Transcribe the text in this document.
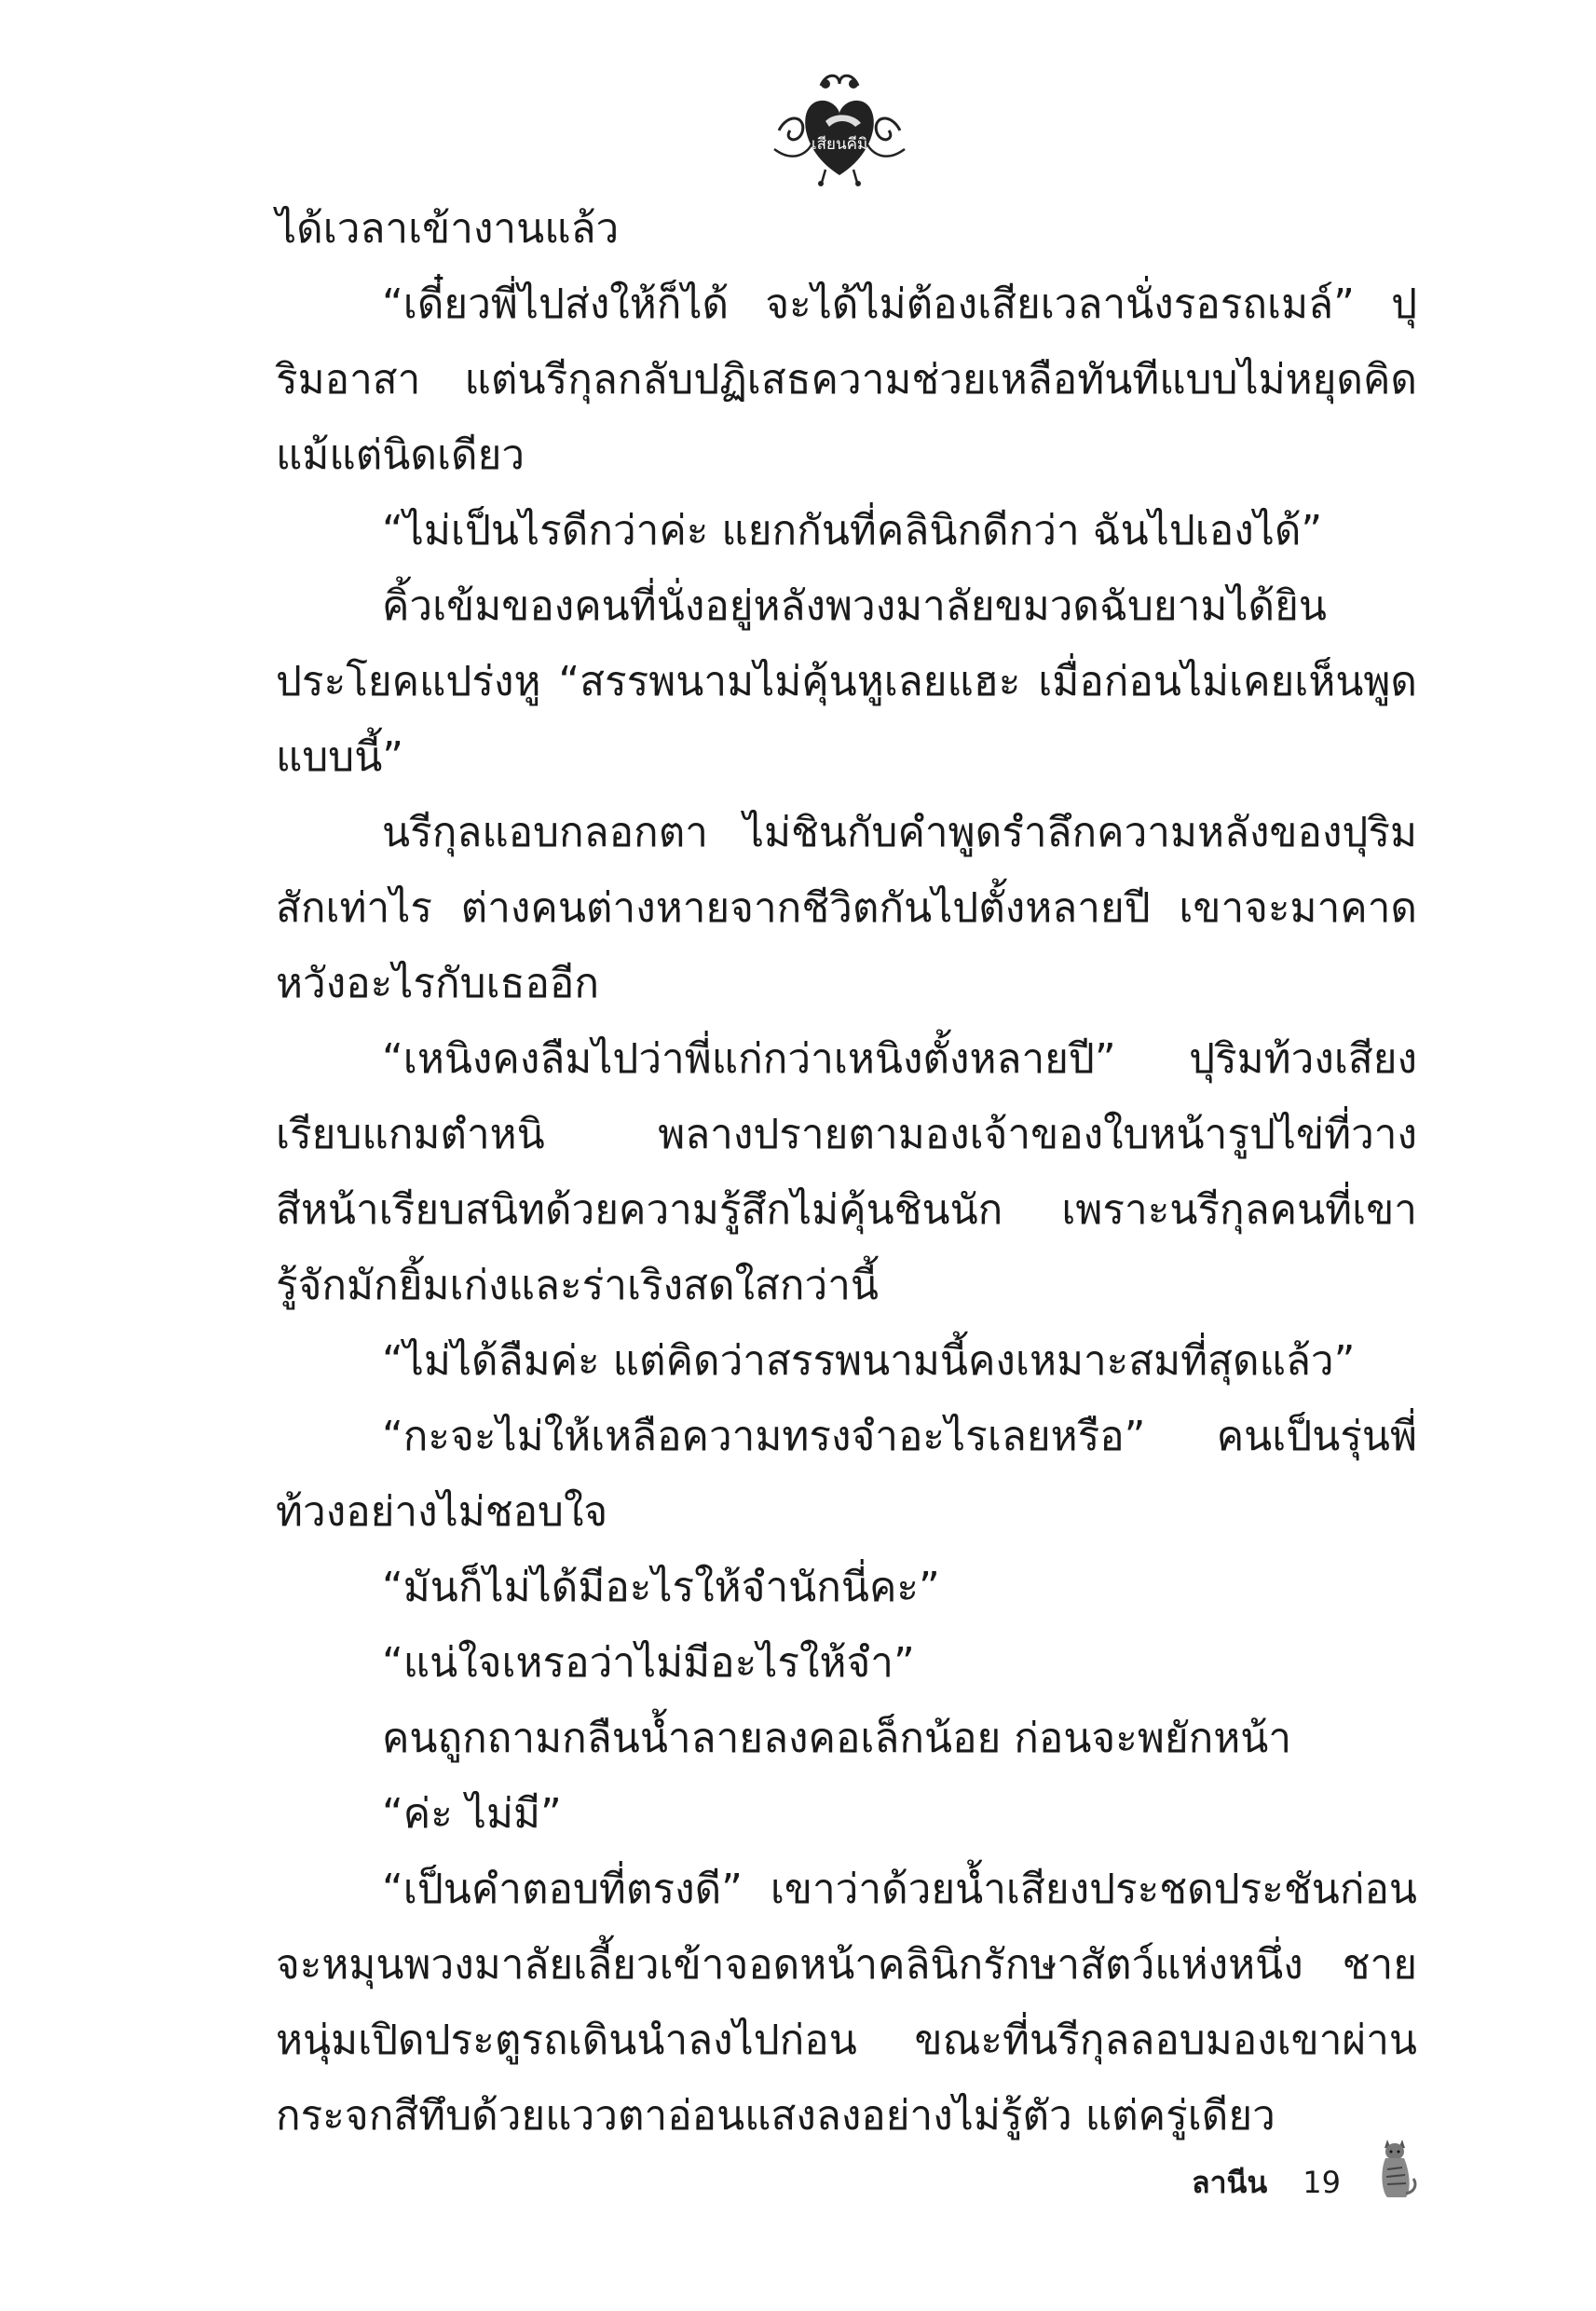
เสียนคีมิ

ได้เวลาเข้างานแล้ว

“เดี๋ยวพี่ไปส่งให้ก็ได้ จะได้ไม่ต้องเสียเวลานั่งรอรถเมล์” ปุริมอาสา แต่นรีกุลกลับปฏิเสธความช่วยเหลือทันทีแบบไม่หยุดคิดแม้แต่นิดเดียว

“ไม่เป็นไรดีกว่าค่ะ แยกกันที่คลินิกดีกว่า ฉันไปเองได้”

คิ้วเข้มของคนที่นั่งอยู่หลังพวงมาลัยขมวดฉับยามได้ยินประโยคแปร่งหู “สรรพนามไม่คุ้นหูเลยแฮะ เมื่อก่อนไม่เคยเห็นพูดแบบนี้”

นรีกุลแอบกลอกตา ไม่ชินกับคำพูดรำลึกความหลังของปุริมสักเท่าไร ต่างคนต่างหายจากชีวิตกันไปตั้งหลายปี เขาจะมาคาดหวังอะไรกับเธออีก

“เหนิงคงลืมไปว่าพี่แก่กว่าเหนิงตั้งหลายปี” ปุริมท้วงเสียงเรียบแกมตำหนิ พลางปรายตามองเจ้าของใบหน้ารูปไข่ที่วางสีหน้าเรียบสนิทด้วยความรู้สึกไม่คุ้นชินนัก เพราะนรีกุลคนที่เขารู้จักมักยิ้มเก่งและร่าเริงสดใสกว่านี้

“ไม่ได้ลืมค่ะ แต่คิดว่าสรรพนามนี้คงเหมาะสมที่สุดแล้ว”

“กะจะไม่ให้เหลือความทรงจำอะไรเลยหรือ” คนเป็นรุ่นพี่ท้วงอย่างไม่ชอบใจ

“มันก็ไม่ได้มีอะไรให้จำนักนี่คะ”

“แน่ใจเหรอว่าไม่มีอะไรให้จำ”

คนถูกถามกลืนน้ำลายลงคอเล็กน้อย ก่อนจะพยักหน้า

“ค่ะ ไม่มี”

“เป็นคำตอบที่ตรงดี” เขาว่าด้วยน้ำเสียงประชดประชันก่อนจะหมุนพวงมาลัยเลี้ยวเข้าจอดหน้าคลินิกรักษาสัตว์แห่งหนึ่ง ชายหนุ่มเปิดประตูรถเดินนำลงไปก่อน ขณะที่นรีกุลลอบมองเขาผ่านกระจกสีทึบด้วยแววตาอ่อนแสงลงอย่างไม่รู้ตัว แต่ครู่เดียว

ลานีน 19
